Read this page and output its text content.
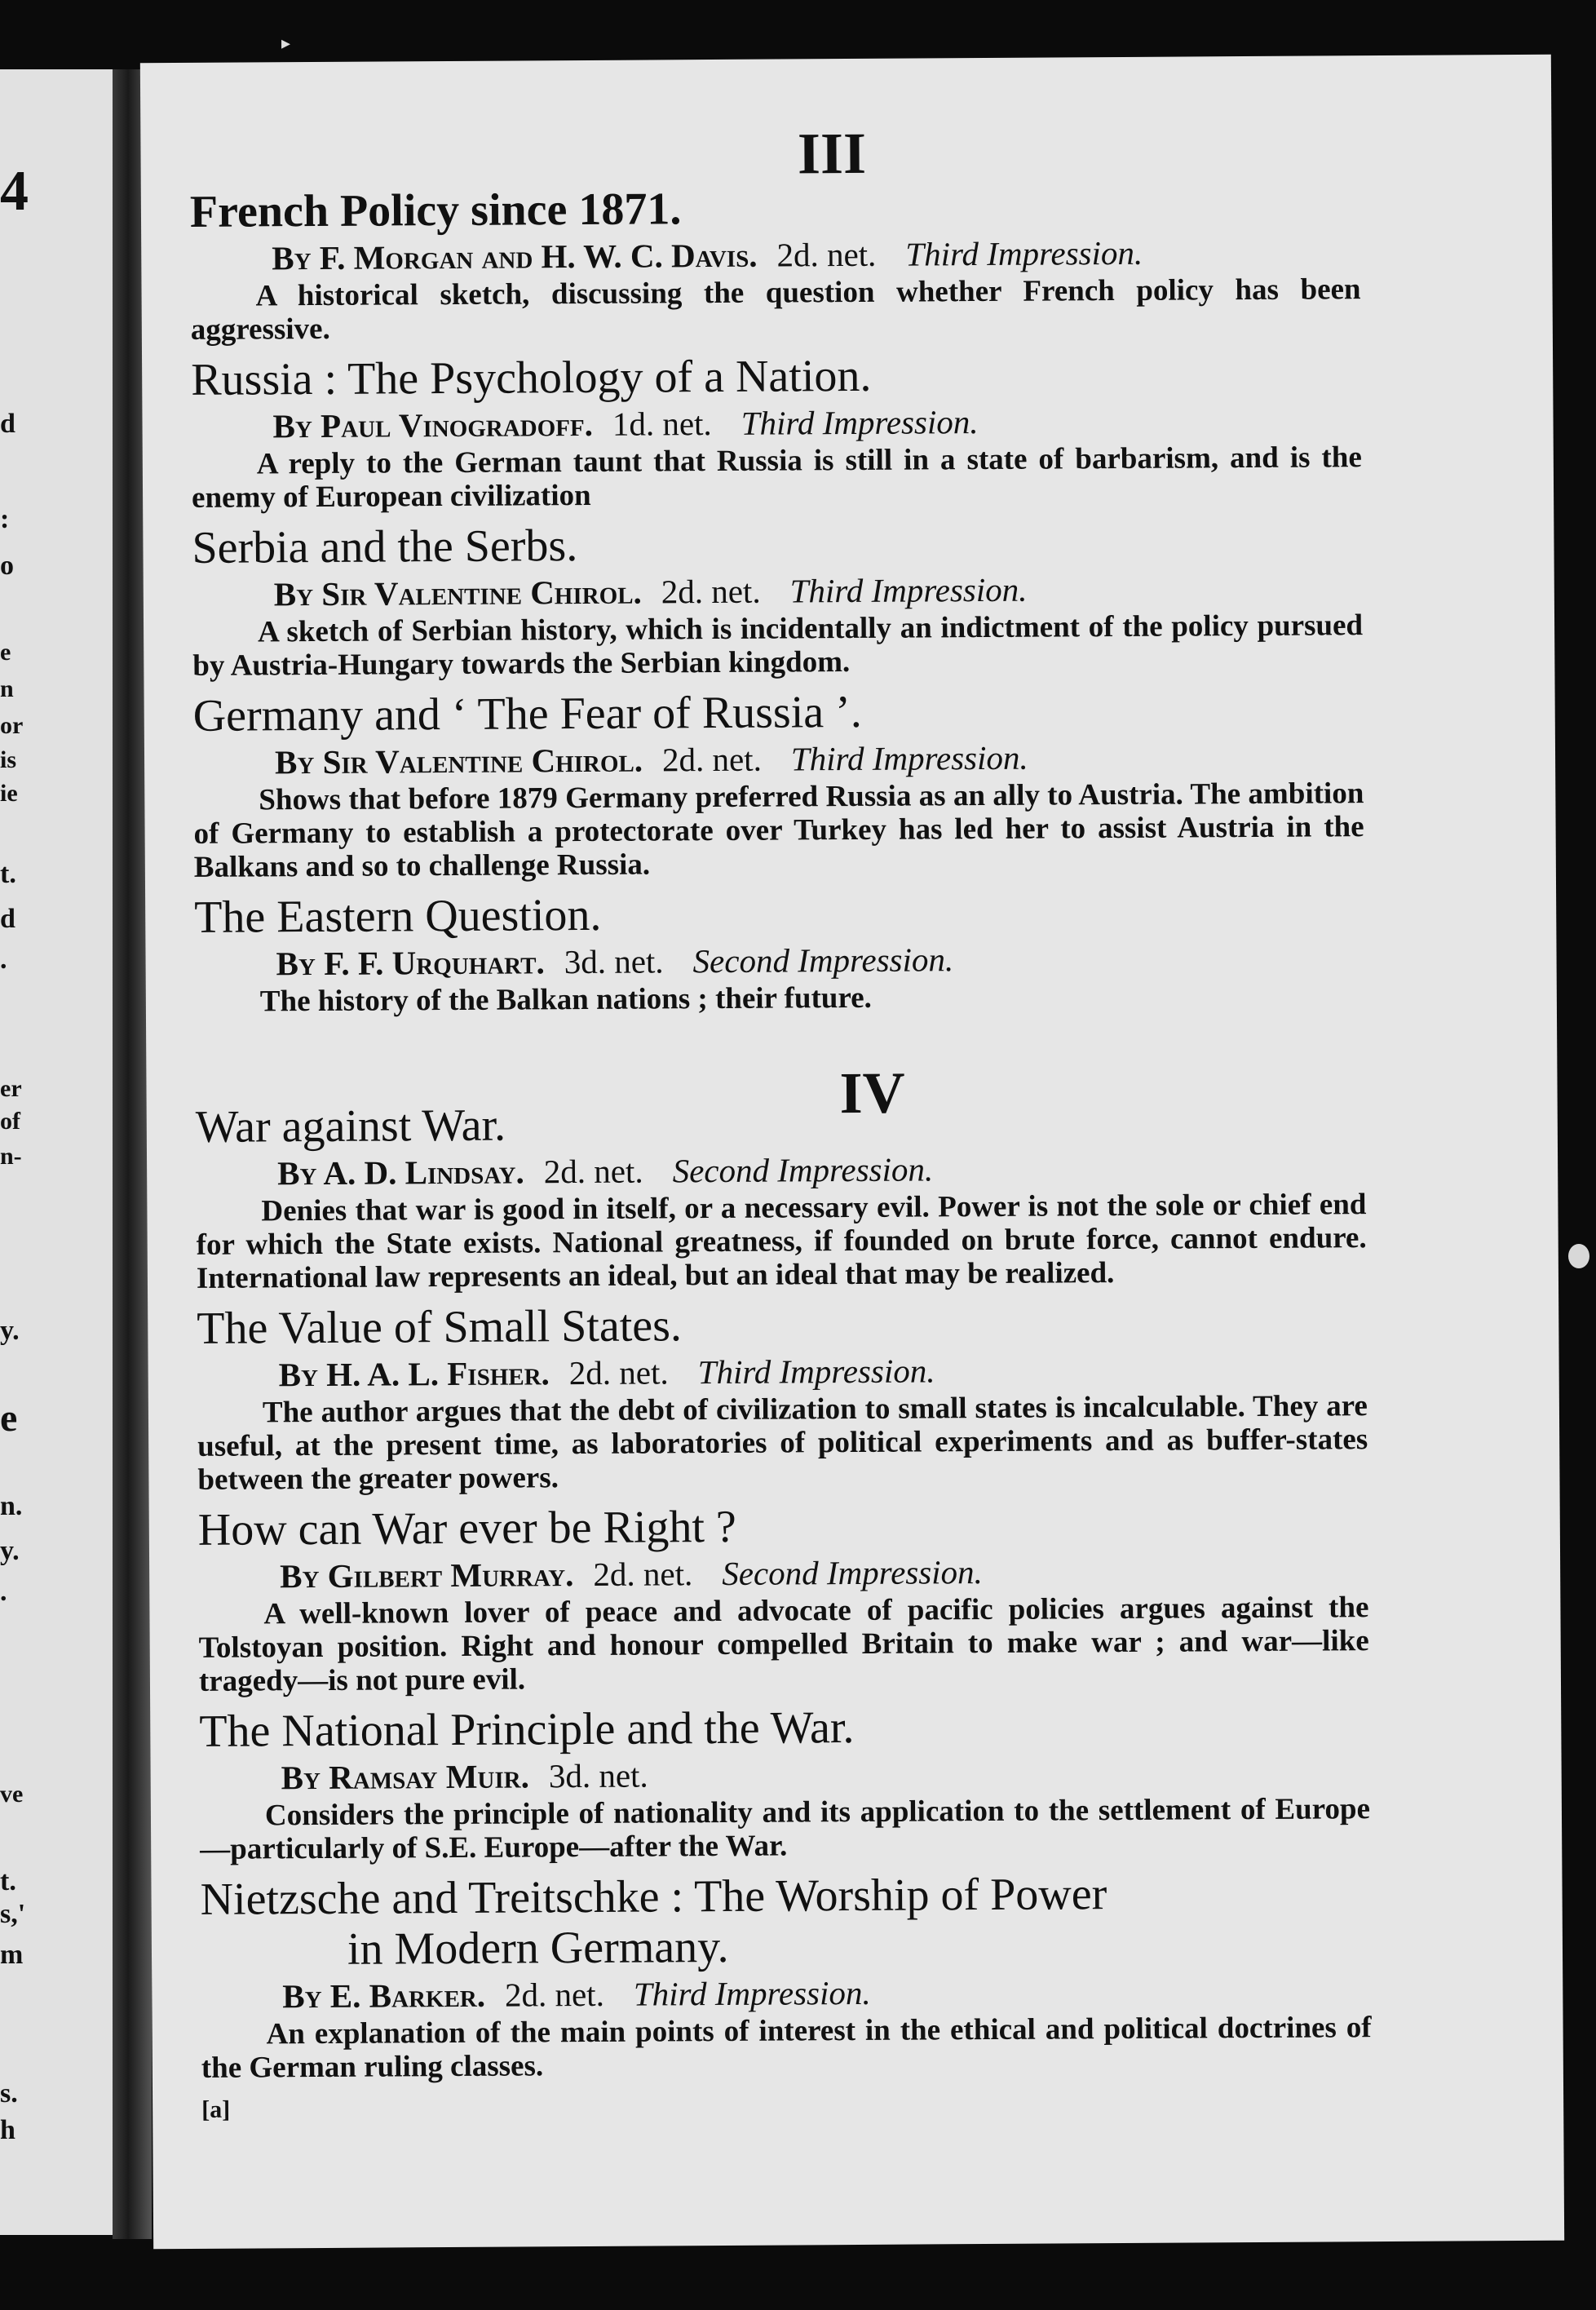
▸
4
d
:
o
e
n
or
is
ie
t.
d
.
er
of
n-
y.
e
n.
y.
.
ve
t.
s,'
m
s.
h
III
French Policy since 1871.
By F. Morgan and H. W. C. Davis. 2d. net. Third Impression.

A historical sketch, discussing the question whether French policy has been aggressive.

Russia : The Psychology of a Nation.
By Paul Vinogradoff. 1d. net. Third Impression.

A reply to the German taunt that Russia is still in a state of barbarism, and is the enemy of European civilization

Serbia and the Serbs.
By Sir Valentine Chirol. 2d. net. Third Impression.

A sketch of Serbian history, which is incidentally an indictment of the policy pursued by Austria-Hungary towards the Serbian kingdom.

Germany and ‘ The Fear of Russia ’.
By Sir Valentine Chirol. 2d. net. Third Impression.

Shows that before 1879 Germany preferred Russia as an ally to Austria. The ambition of Germany to establish a protectorate over Turkey has led her to assist Austria in the Balkans and so to challenge Russia.

The Eastern Question.
By F. F. Urquhart. 3d. net. Second Impression.

The history of the Balkan nations ; their future.

IV
War against War.
By A. D. Lindsay. 2d. net. Second Impression.

Denies that war is good in itself, or a necessary evil. Power is not the sole or chief end for which the State exists. National greatness, if founded on brute force, cannot endure. International law represents an ideal, but an ideal that may be realized.

The Value of Small States.
By H. A. L. Fisher. 2d. net. Third Impression.

The author argues that the debt of civilization to small states is incalculable. They are useful, at the present time, as laboratories of political experiments and as buffer-states between the greater powers.

How can War ever be Right ?
By Gilbert Murray. 2d. net. Second Impression.

A well-known lover of peace and advocate of pacific policies argues against the Tolstoyan position. Right and honour compelled Britain to make war ; and war—like tragedy—is not pure evil.

The National Principle and the War.
By Ramsay Muir. 3d. net.

Considers the principle of nationality and its application to the settlement of Europe—particularly of S.E. Europe—after the War.

Nietzsche and Treitschke : The Worship of Power
in Modern Germany.
By E. Barker. 2d. net. Third Impression.

An explanation of the main points of interest in the ethical and political doctrines of the German ruling classes.

[a]
